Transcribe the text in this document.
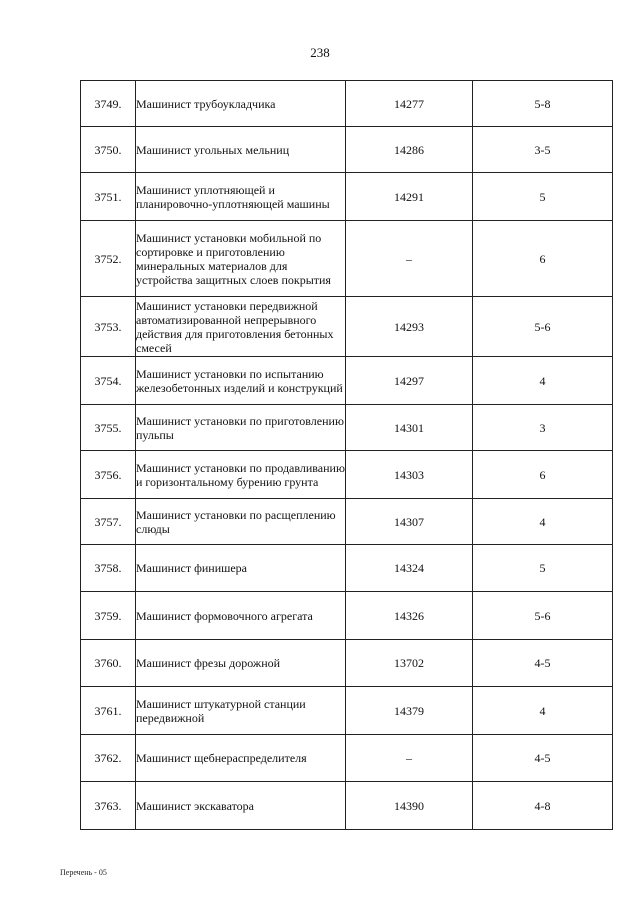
238
3749.	Машинист трубоукладчика	14277	5-8
3750.	Машинист угольных мельниц	14286	3-5
3751.	Машинист уплотняющей и планировочно-уплотняющей машины	14291	5
3752.	Машинист установки мобильной по сортировке и приготовлению минеральных материалов для устройства защитных слоев покрытия	–	6
3753.	Машинист установки передвижной автоматизированной непрерывного действия для приготовления бетонных смесей	14293	5-6
3754.	Машинист установки по испытанию железобетонных изделий и конструкций	14297	4
3755.	Машинист установки по приготовлению пульпы	14301	3
3756.	Машинист установки по продавливанию и горизонтальному бурению грунта	14303	6
3757.	Машинист установки по расщеплению слюды	14307	4
3758.	Машинист финишера	14324	5
3759.	Машинист формовочного агрегата	14326	5-6
3760.	Машинист фрезы дорожной	13702	4-5
3761.	Машинист штукатурной станции передвижной	14379	4
3762.	Машинист щебнераспределителя	–	4-5
3763.	Машинист экскаватора	14390	4-8
Перечень - 05
